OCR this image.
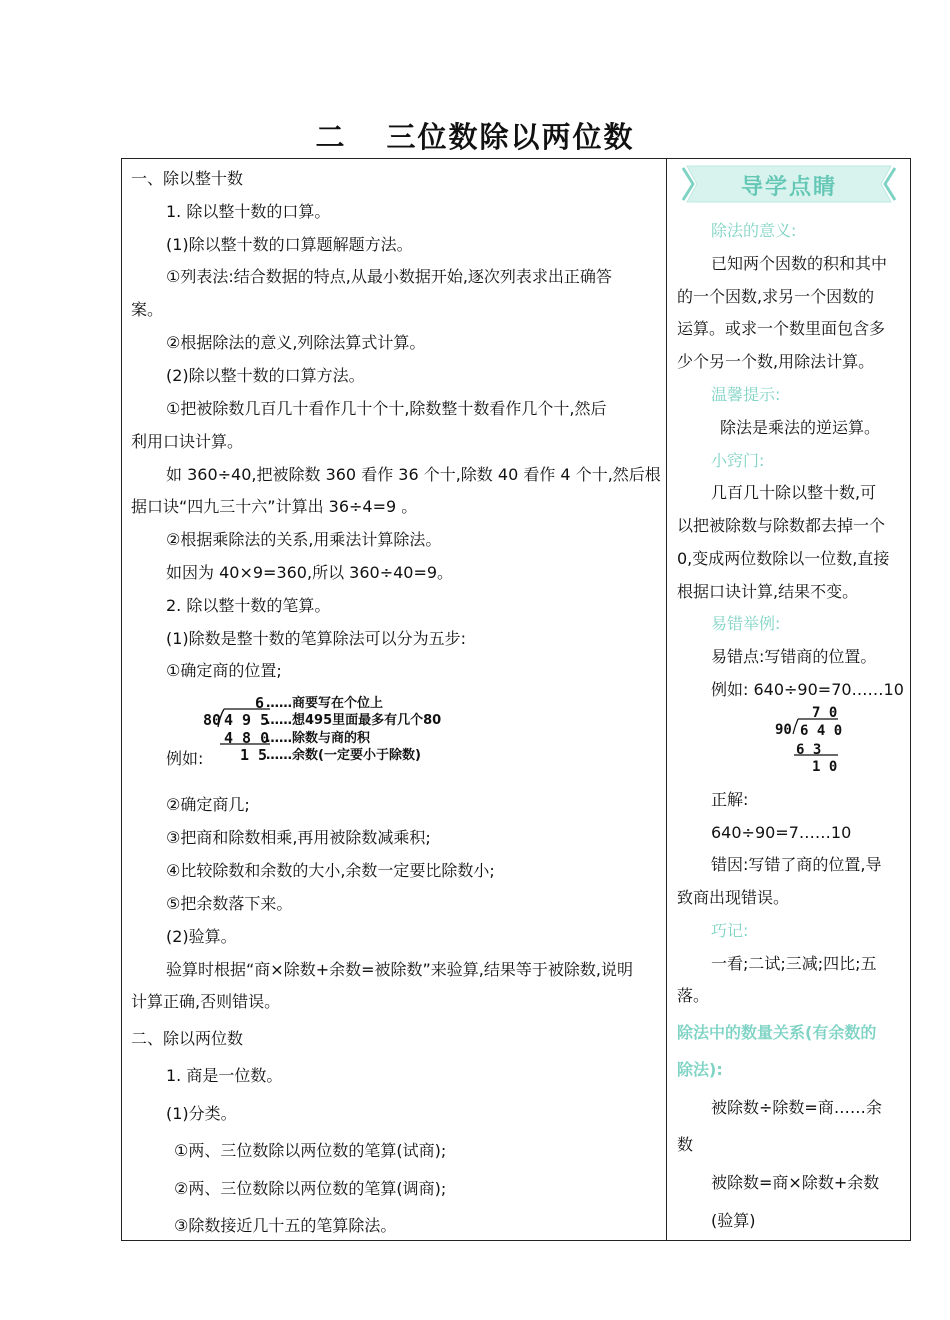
二 三位数除以两位数
一、除以整十数
1. 除以整十数的口算。
(1)除以整十数的口算题解题方法。
①列表法:结合数据的特点,从最小数据开始,逐次列表求出正确答
案。
②根据除法的意义,列除法算式计算。
(2)除以整十数的口算方法。
①把被除数几百几十看作几十个十,除数整十数看作几个十,然后
利用口诀计算。
如 360÷40,把被除数 360 看作 36 个十,除数 40 看作 4 个十,然后根
据口诀“四九三十六”计算出 36÷4=9 。
②根据乘除法的关系,用乘法计算除法。
如因为 40×9=360,所以 360÷40=9。
2. 除以整十数的笔算。
(1)除数是整十数的笔算除法可以分为五步:
①确定商的位置;
例如:
6
80 4 9 5
4 8 0
1 5
……商要写在个位上
……想495里面最多有几个80
……除数与商的积
……余数(一定要小于除数)
②确定商几;
③把商和除数相乘,再用被除数减乘积;
④比较除数和余数的大小,余数一定要比除数小;
⑤把余数落下来。
(2)验算。
验算时根据“商×除数+余数=被除数”来验算,结果等于被除数,说明
计算正确,否则错误。
二、除以两位数
1. 商是一位数。
(1)分类。
①两、三位数除以两位数的笔算(试商);
②两、三位数除以两位数的笔算(调商);
③除数接近几十五的笔算除法。
导学点睛
除法的意义:
已知两个因数的积和其中
的一个因数,求另一个因数的
运算。或求一个数里面包含多
少个另一个数,用除法计算。
温馨提示:
除法是乘法的逆运算。
小窍门:
几百几十除以整十数,可
以把被除数与除数都去掉一个
0,变成两位数除以一位数,直接
根据口诀计算,结果不变。
易错举例:
易错点:写错商的位置。
例如: 640÷90=70……10
7 0
90 6 4 0
6 3
1 0
正解:
640÷90=7……10
错因:写错了商的位置,导
致商出现错误。
巧记:
一看;二试;三减;四比;五
落。
除法中的数量关系(有余数的
除法):
被除数÷除数=商……余
数
被除数=商×除数+余数
(验算)
